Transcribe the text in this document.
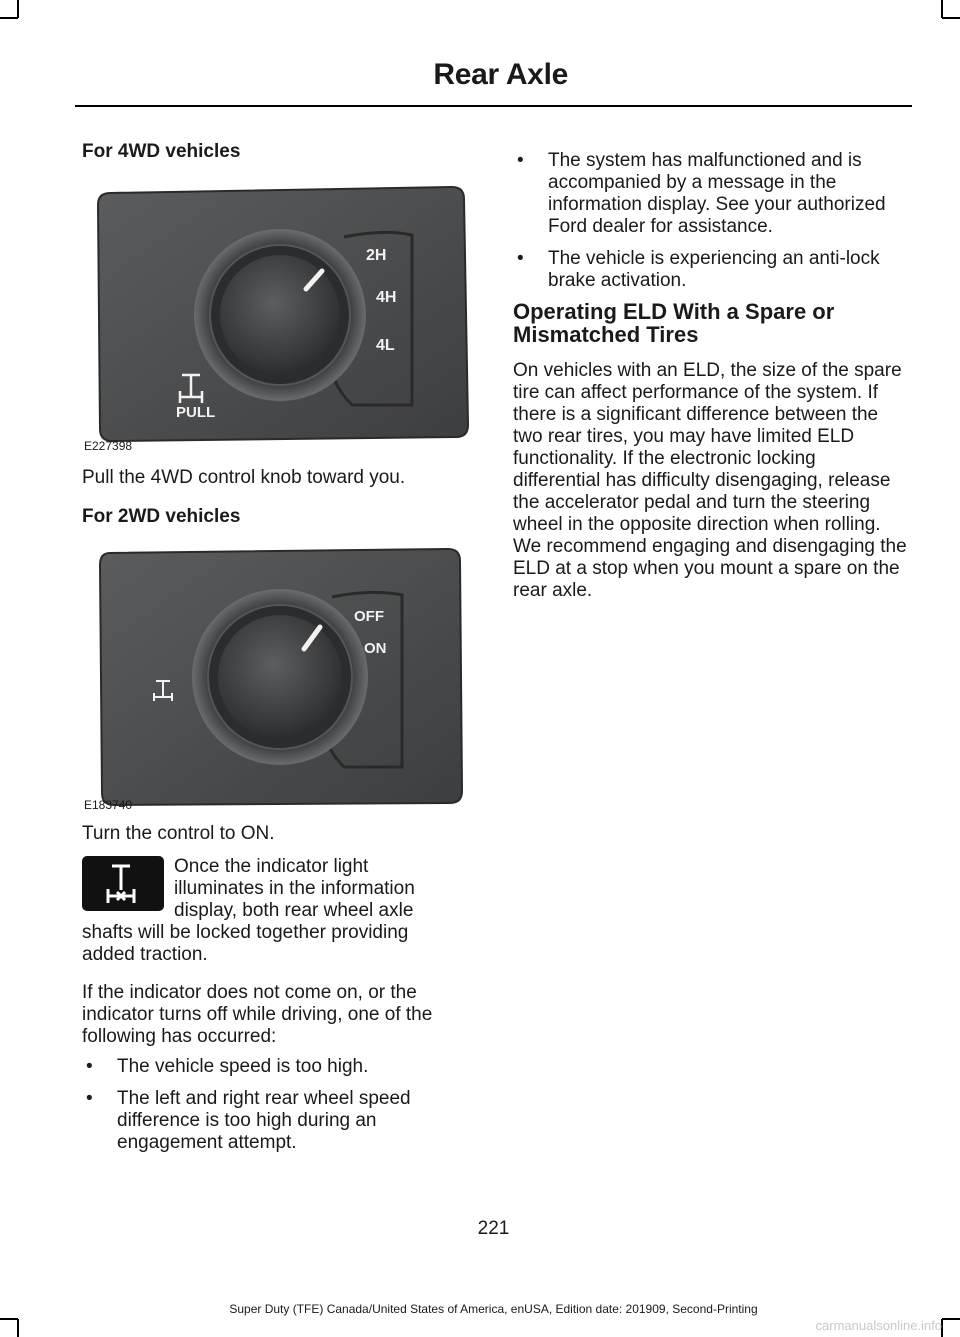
Rear Axle

For 4WD vehicles

2H
4H
4L
PULL
E227398

Pull the 4WD control knob toward you.

For 2WD vehicles

OFF
ON
E183740

Turn the control to ON.

Once the indicator light

illuminates in the information

display, both rear wheel axle

shafts will be locked together providing

added traction.

If the indicator does not come on, or the indicator turns off while driving, one of the following has occurred:

• The vehicle speed is too high.
• The left and right rear wheel speed difference is too high during an engagement attempt.
• The system has malfunctioned and is accompanied by a message in the information display. See your authorized Ford dealer for assistance.
• The vehicle is experiencing an anti-lock brake activation.
Operating ELD With a Spare or Mismatched Tires

On vehicles with an ELD, the size of the spare tire can affect performance of the system. If there is a significant difference between the two rear tires, you may have limited ELD functionality. If the electronic locking differential has difficulty disengaging, release the accelerator pedal and turn the steering wheel in the opposite direction when rolling. We recommend engaging and disengaging the ELD at a stop when you mount a spare on the rear axle.

221
Super Duty (TFE) Canada/United States of America, enUSA, Edition date: 201909, Second-Printing
carmanualsonline.info
